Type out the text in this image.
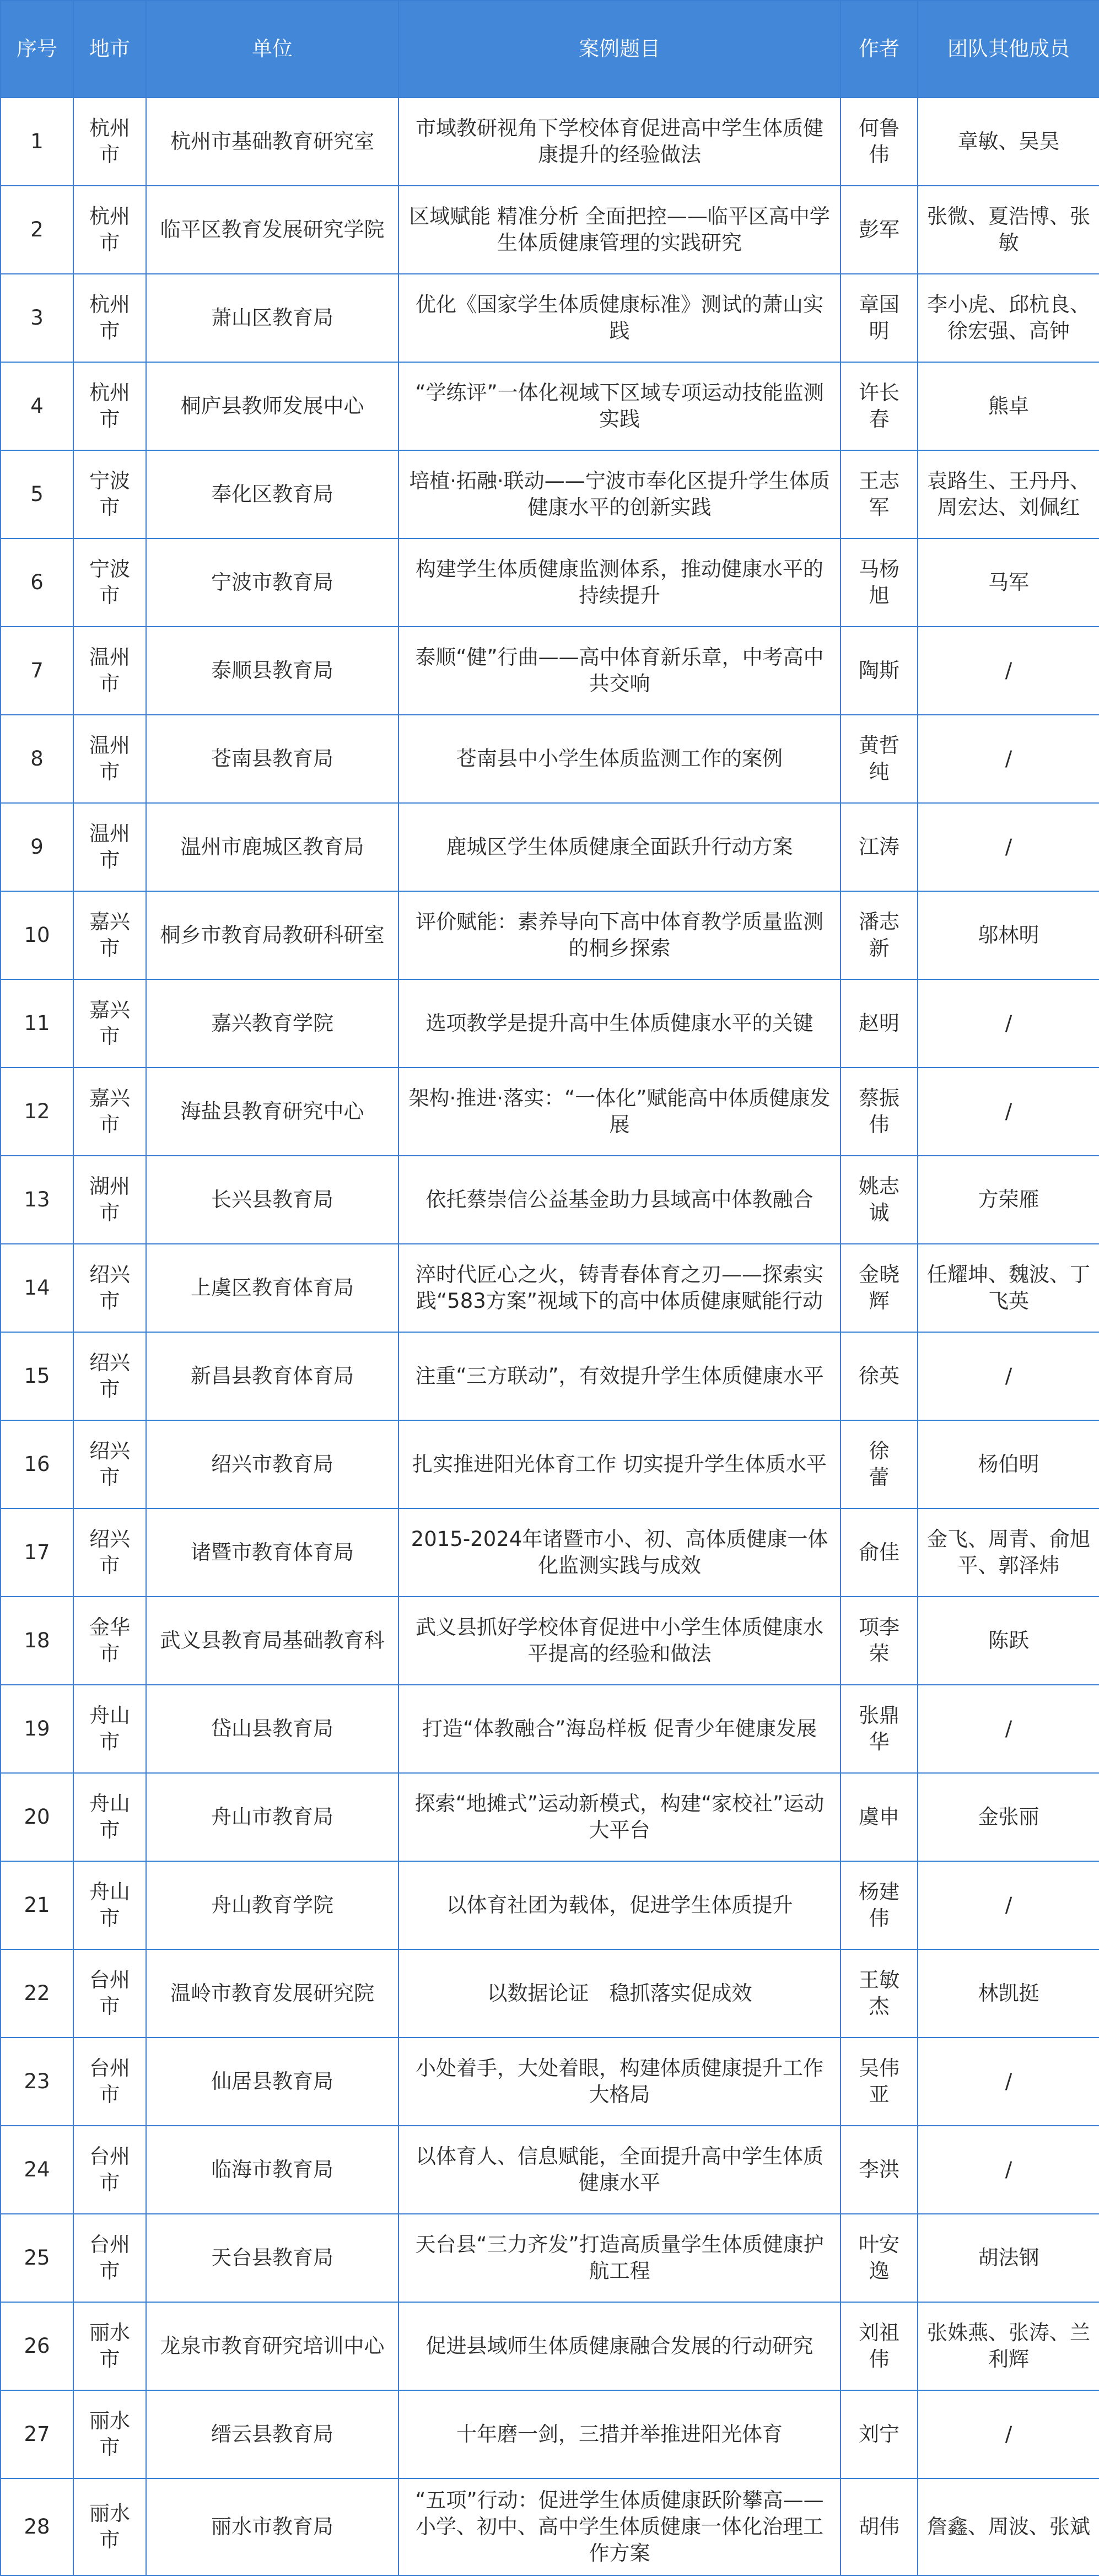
序号	地市	单位	案例题目	作者	团队其他成员
1	杭州市	杭州市基础教育研究室	市域教研视角下学校体育促进高中学生体质健康提升的经验做法	何鲁伟	章敏、吴昊
2	杭州市	临平区教育发展研究学院	区域赋能 精准分析 全面把控——临平区高中学生体质健康管理的实践研究	彭军	张微、夏浩博、张敏
3	杭州市	萧山区教育局	优化《国家学生体质健康标准》测试的萧山实践	章国明	李小虎、邱杭良、徐宏强、高钟
4	杭州市	桐庐县教师发展中心	“学练评”一体化视域下区域专项运动技能监测实践	许长春	熊卓
5	宁波市	奉化区教育局	培植·拓融·联动——宁波市奉化区提升学生体质健康水平的创新实践	王志军	袁路生、王丹丹、周宏达、刘佩红
6	宁波市	宁波市教育局	构建学生体质健康监测体系，推动健康水平的持续提升	马杨旭	马军
7	温州市	泰顺县教育局	泰顺“健”行曲——高中体育新乐章，中考高中共交响	陶斯	/
8	温州市	苍南县教育局	苍南县中小学生体质监测工作的案例	黄哲纯	/
9	温州市	温州市鹿城区教育局	鹿城区学生体质健康全面跃升行动方案	江涛	/
10	嘉兴市	桐乡市教育局教研科研室	评价赋能：素养导向下高中体育教学质量监测的桐乡探索	潘志新	邬林明
11	嘉兴市	嘉兴教育学院	选项教学是提升高中生体质健康水平的关键	赵明	/
12	嘉兴市	海盐县教育研究中心	架构·推进·落实：“一体化”赋能高中体质健康发展	蔡振伟	/
13	湖州市	长兴县教育局	依托蔡崇信公益基金助力县域高中体教融合	姚志诚	方荣雁
14	绍兴市	上虞区教育体育局	淬时代匠心之火，铸青春体育之刃——探索实践“583方案”视域下的高中体质健康赋能行动	金晓辉	任耀坤、魏波、丁飞英
15	绍兴市	新昌县教育体育局	注重“三方联动”，有效提升学生体质健康水平	徐英	/
16	绍兴市	绍兴市教育局	扎实推进阳光体育工作 切实提升学生体质水平	徐　蕾	杨伯明
17	绍兴市	诸暨市教育体育局	2015-2024年诸暨市小、初、高体质健康一体化监测实践与成效	俞佳	金飞、周青、俞旭平、郭泽炜
18	金华市	武义县教育局基础教育科	武义县抓好学校体育促进中小学生体质健康水平提高的经验和做法	项李荣	陈跃
19	舟山市	岱山县教育局	打造“体教融合”海岛样板 促青少年健康发展	张鼎华	/
20	舟山市	舟山市教育局	探索“地摊式”运动新模式，构建“家校社”运动大平台	虞申	金张丽
21	舟山市	舟山教育学院	以体育社团为载体，促进学生体质提升	杨建伟	/
22	台州市	温岭市教育发展研究院	以数据论证　稳抓落实促成效	王敏杰	林凯挺
23	台州市	仙居县教育局	小处着手，大处着眼，构建体质健康提升工作大格局	吴伟亚	/
24	台州市	临海市教育局	以体育人、信息赋能，全面提升高中学生体质健康水平	李洪	/
25	台州市	天台县教育局	天台县“三力齐发”打造高质量学生体质健康护航工程	叶安逸	胡法钢
26	丽水市	龙泉市教育研究培训中心	促进县域师生体质健康融合发展的行动研究	刘祖伟	张姝燕、张涛、兰利辉
27	丽水市	缙云县教育局	十年磨一剑，三措并举推进阳光体育	刘宁	/
28	丽水市	丽水市教育局	“五项”行动：促进学生体质健康跃阶攀高——小学、初中、高中学生体质健康一体化治理工作方案	胡伟	詹鑫、周波、张斌
